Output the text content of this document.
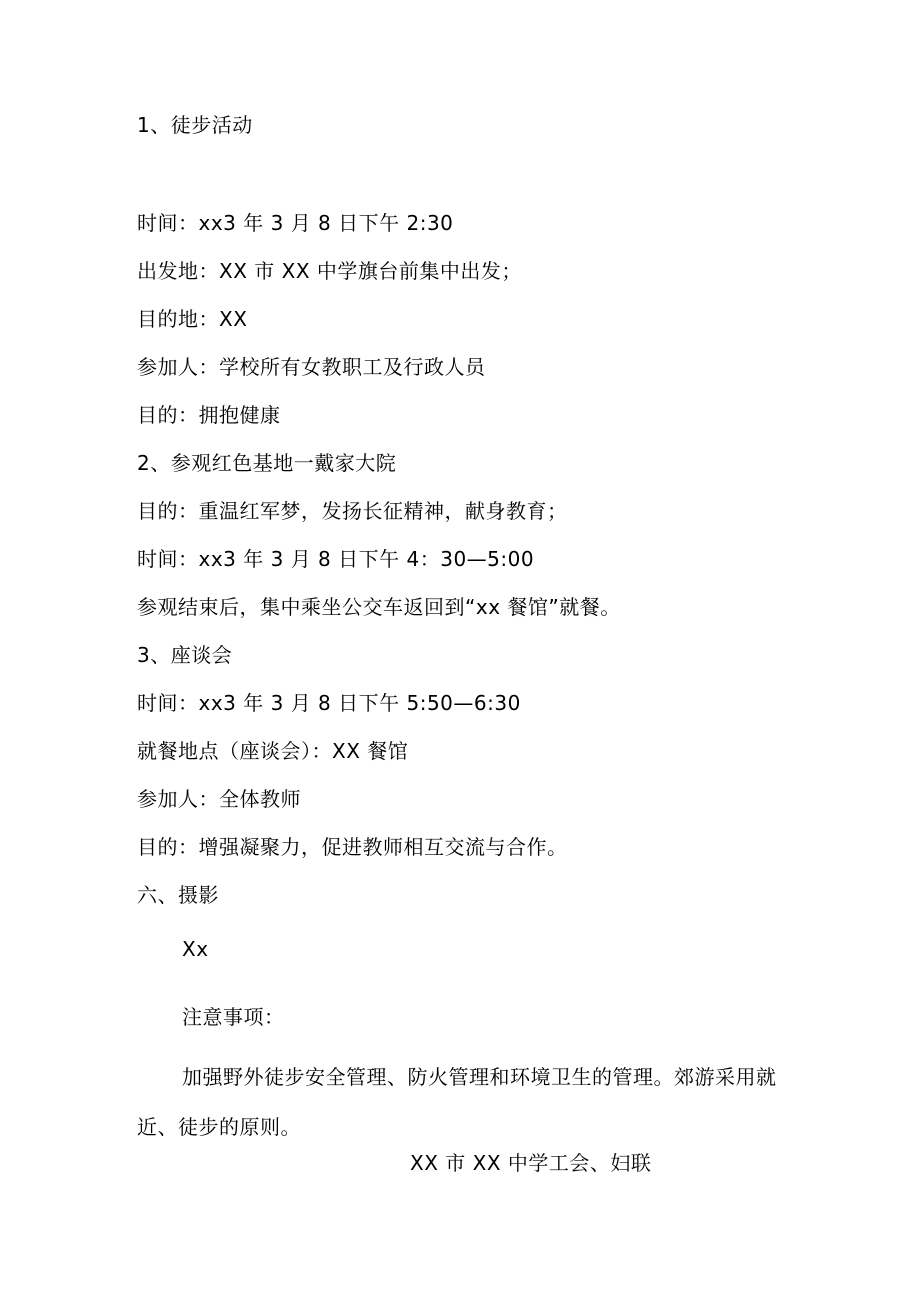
1、徒步活动
时间：xx3 年 3 月 8 日下午 2:30
出发地：XX 市 XX 中学旗台前集中出发；
目的地：XX
参加人：学校所有女教职工及行政人员
目的：拥抱健康
2、参观红色基地一戴家大院
目的：重温红军梦，发扬长征精神，献身教育；
时间：xx3 年 3 月 8 日下午 4：30—5:00
参观结束后，集中乘坐公交车返回到“xx 餐馆”就餐。
3、座谈会
时间：xx3 年 3 月 8 日下午 5:50—6:30
就餐地点（座谈会）：XX 餐馆
参加人：全体教师
目的：增强凝聚力，促进教师相互交流与合作。
六、摄影
Xx
注意事项：
加强野外徒步安全管理、防火管理和环境卫生的管理。郊游采用就近、徒步的原则。
XX 市 XX 中学工会、妇联
